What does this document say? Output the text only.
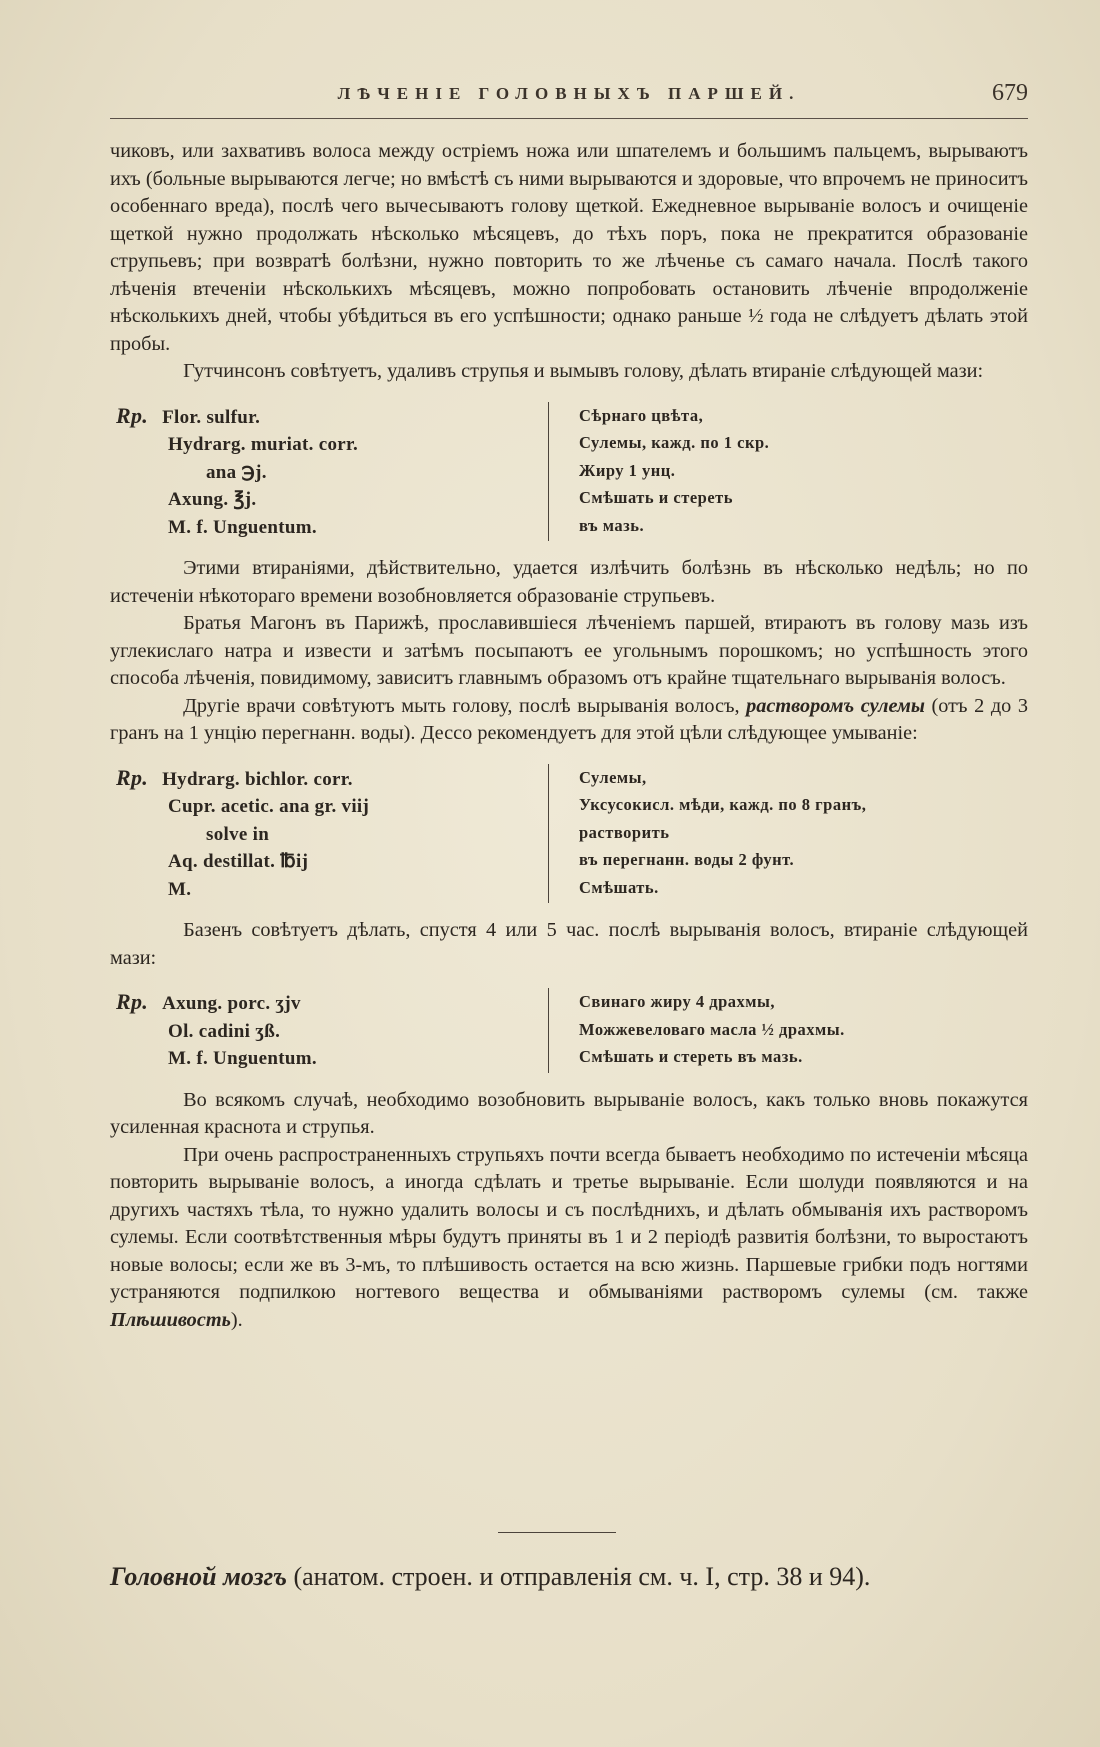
ЛѢЧЕНІЕ ГОЛОВНЫХЪ ПАРШЕЙ.	679

чиковъ, или захвативъ волоса между остріемъ ножа или шпателемъ и большимъ пальцемъ, вырываютъ ихъ (больные вырываются легче; но вмѣстѣ съ ними вырываются и здоровые, что впрочемъ не приноситъ особеннаго вреда), послѣ чего вычесываютъ голову щеткой. Ежедневное вырываніе волосъ и очищеніе щеткой нужно продолжать нѣсколько мѣсяцевъ, до тѣхъ поръ, пока не прекратится образованіе струпьевъ; при возвратѣ болѣзни, нужно повторить то же лѣченье съ самаго начала. Послѣ такого лѣченія втеченіи нѣсколькихъ мѣсяцевъ, можно попробовать остановить лѣченіе впродолженіе нѣсколькихъ дней, чтобы убѣдиться въ его успѣшности; однако раньше ½ года не слѣдуетъ дѣлать этой пробы.

Гутчинсонъ совѣтуетъ, удаливъ струпья и вымывъ голову, дѣлать втираніе слѣдующей мази:

Rp. Flor. sulfur.
Hydrarg. muriat. corr.
ana ℈j.
Axung. ℥j.
M. f. Unguentum.
Сѣрнаго цвѣта,
Сулемы, кажд. по 1 скр.
Жиру 1 унц.
Смѣшать и стереть
въ мазь.

Этими втираніями, дѣйствительно, удается излѣчить болѣзнь въ нѣсколько недѣль; но по истеченіи нѣкотораго времени возобновляется образованіе струпьевъ.

Братья Магонъ въ Парижѣ, прославившіеся лѣченіемъ паршей, втираютъ въ голову мазь изъ углекислаго натра и извести и затѣмъ посыпаютъ ее угольнымъ порошкомъ; но успѣшность этого способа лѣченія, повидимому, зависитъ главнымъ образомъ отъ крайне тщательнаго вырыванія волосъ.

Другіе врачи совѣтуютъ мыть голову, послѣ вырыванія волосъ, растворомъ сулемы (отъ 2 до 3 гранъ на 1 унцію перегнанн. воды). Дессо рекомендуетъ для этой цѣли слѣдующее умываніе:

Rp. Hydrarg. bichlor. corr.
Cupr. acetic. ana gr. viij
solve in
Aq. destillat. ℔ij
M.
Сулемы,
Уксусокисл. мѣди, кажд. по 8 гранъ,
растворить
въ перегнанн. воды 2 фунт.
Смѣшать.

Базенъ совѣтуетъ дѣлать, спустя 4 или 5 час. послѣ вырыванія волосъ, втираніе слѣдующей мази:

Rp. Axung. porc. ʒjv
Ol. cadini ʒß.
M. f. Unguentum.
Свинаго жиру 4 драхмы,
Можжевеловаго масла ½ драхмы.
Смѣшать и стереть въ мазь.

Во всякомъ случаѣ, необходимо возобновить вырываніе волосъ, какъ только вновь покажутся усиленная краснота и струпья.

При очень распространенныхъ струпьяхъ почти всегда бываетъ необходимо по истеченіи мѣсяца повторить вырываніе волосъ, а иногда сдѣлать и третье вырываніе. Если шолуди появляются и на другихъ частяхъ тѣла, то нужно удалить волосы и съ послѣднихъ, и дѣлать обмыванія ихъ растворомъ сулемы. Если соотвѣтственныя мѣры будутъ приняты въ 1 и 2 періодѣ развитія болѣзни, то выростаютъ новые волосы; если же въ 3-мъ, то плѣшивость остается на всю жизнь. Паршевые грибки подъ ногтями устраняются подпилкою ногтевого вещества и обмываніями растворомъ сулемы (см. также Плѣшивость).

Головной мозгъ (анатом. строен. и отправленія см. ч. I, стр. 38 и 94).
